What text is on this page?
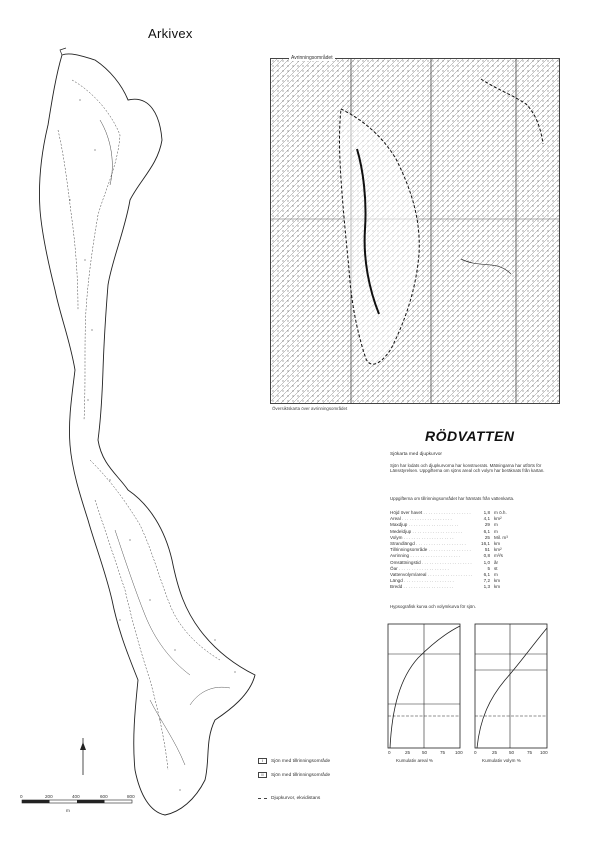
Arkivex
0	200	400	600	800
m
Avrinningsområdet
Översiktskarta över avrinningsområdet
RÖDVATTEN
Sjökarta med djupkurvor
Sjön har lodats och djupkurvorna har konstruerats. Mätningarna har utförts för Länsstyrelsen. Uppgifterna om sjöns areal och volym har beräknats från kartan.
Uppgifterna om tillrinningsområdet har hämtats från vattenkarta.
Höjd över havet . . .	1,8 m ö.h.
Areal . . .	4,1 km²
Maxdjup . . .	29 m
Medeldjup . . .	6,1 m
Volym . . .	25 Mil. m³
Strandlängd . . .	16,1 km
Tillrinningsområde . . .	51 km²
Avrinning . . .	0,8 m³/s
Omsättningstid . . .	1,0 år
Öar . . .	5 st
Vattenvolym/areal . . .	6,1 m
Längd . . .	7,2 km
Bredd . . .	1,3 km
Hypsografisk kurva och volymkurva för sjön.
0	25	50	75 100 0	25	50	75 100
Kumulativ areal %	Kumulativ volym %
I	Sjön med tillrinningsområde
II	Sjön med tillrinningsområde
Djupkurvor, ekvidistans
